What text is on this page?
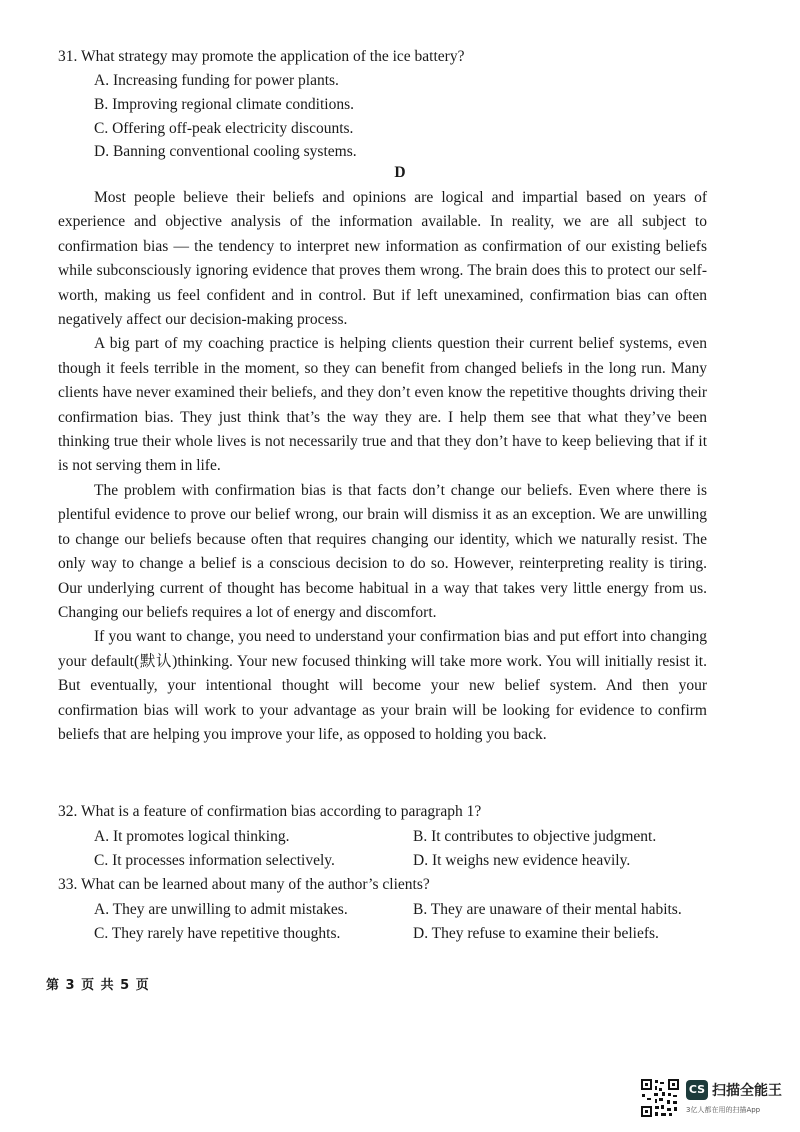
31. What strategy may promote the application of the ice battery?
A. Increasing funding for power plants.
B. Improving regional climate conditions.
C. Offering off-peak electricity discounts.
D. Banning conventional cooling systems.
D

Most people believe their beliefs and opinions are logical and impartial based on years of experience and objective analysis of the information available. In reality, we are all subject to confirmation bias — the tendency to interpret new information as confirmation of our existing beliefs while subconsciously ignoring evidence that proves them wrong. The brain does this to protect our self-worth, making us feel confident and in control. But if left unexamined, confirmation bias can often negatively affect our decision-making process.

A big part of my coaching practice is helping clients question their current belief systems, even though it feels terrible in the moment, so they can benefit from changed beliefs in the long run. Many clients have never examined their beliefs, and they don’t even know the repetitive thoughts driving their confirmation bias. They just think that’s the way they are. I help them see that what they’ve been thinking true their whole lives is not necessarily true and that they don’t have to keep believing that if it is not serving them in life.

The problem with confirmation bias is that facts don’t change our beliefs. Even where there is plentiful evidence to prove our belief wrong, our brain will dismiss it as an exception. We are unwilling to change our beliefs because often that requires changing our identity, which we naturally resist. The only way to change a belief is a conscious decision to do so. However, reinterpreting reality is tiring. Our underlying current of thought has become habitual in a way that takes very little energy from us. Changing our beliefs requires a lot of energy and discomfort.

If you want to change, you need to understand your confirmation bias and put effort into changing your default(默认)thinking. Your new focused thinking will take more work. You will initially resist it. But eventually, your intentional thought will become your new belief system. And then your confirmation bias will work to your advantage as your brain will be looking for evidence to confirm beliefs that are helping you improve your life, as opposed to holding you back.

32. What is a feature of confirmation bias according to paragraph 1?
A. It promotes logical thinking.	B. It contributes to objective judgment.
C. It processes information selectively.	D. It weighs new evidence heavily.
33. What can be learned about many of the author’s clients?
A. They are unwilling to admit mistakes.	B. They are unaware of their mental habits.
C. They rarely have repetitive thoughts.	D. They refuse to examine their beliefs.
第 3 页 共 5 页
CS 扫描全能王
3亿人都在用的扫描App
